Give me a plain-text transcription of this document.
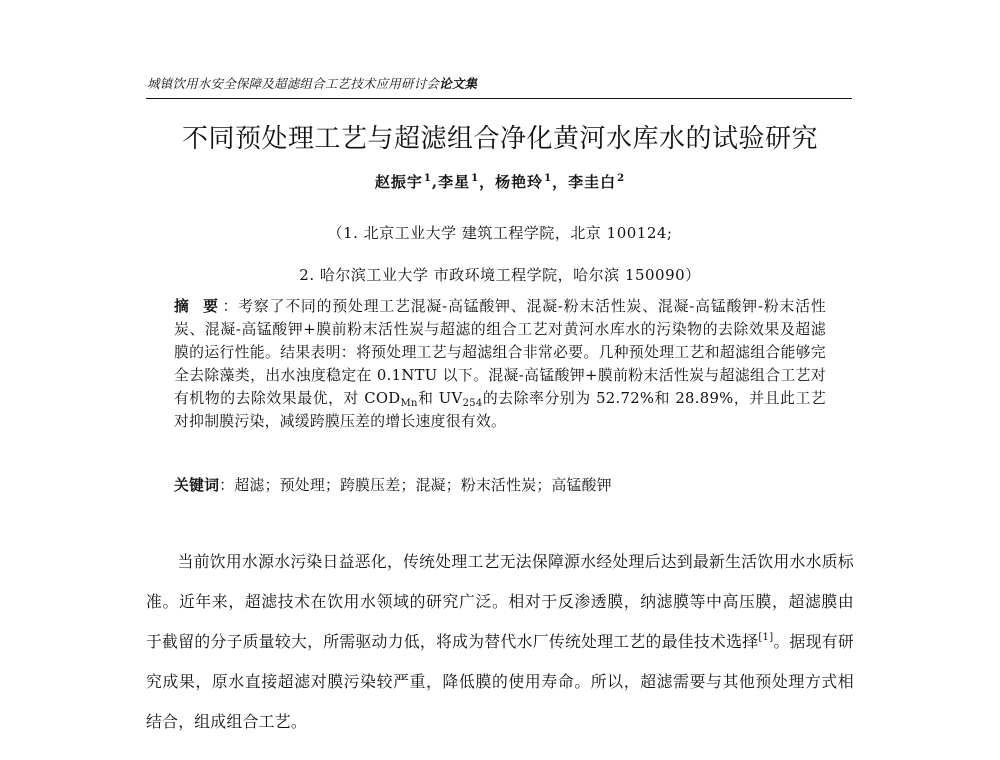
城镇饮用水安全保障及超滤组合工艺技术应用研讨会论文集
不同预处理工艺与超滤组合净化黄河水库水的试验研究
赵振宇$^1$,李星$^1$，杨艳玲$^1$，李圭白$^2$
（1. 北京工业大学 建筑工程学院，北京 100124;
2. 哈尔滨工业大学 市政环境工程学院，哈尔滨 150090）
摘 要：考察了不同的预处理工艺混凝-高锰酸钾、混凝-粉末活性炭、混凝-高锰酸钾-粉末活性炭、混凝-高锰酸钾+膜前粉末活性炭与超滤的组合工艺对黄河水库水的污染物的去除效果及超滤膜的运行性能。结果表明：将预处理工艺与超滤组合非常必要。几种预处理工艺和超滤组合能够完全去除藻类，出水浊度稳定在 0.1NTU 以下。混凝-高锰酸钾+膜前粉末活性炭与超滤组合工艺对有机物的去除效果最优，对 $COD_{Mn}$和 $UV_{254}$的去除率分别为 52.72%和 28.89%，并且此工艺对抑制膜污染，减缓跨膜压差的增长速度很有效。
关键词：超滤；预处理；跨膜压差；混凝；粉末活性炭；高锰酸钾

当前饮用水源水污染日益恶化，传统处理工艺无法保障源水经处理后达到最新生活饮用水水质标准。近年来，超滤技术在饮用水领域的研究广泛。相对于反渗透膜，纳滤膜等中高压膜，超滤膜由于截留的分子质量较大，所需驱动力低，将成为替代水厂传统处理工艺的最佳技术选择[1]。据现有研究成果，原水直接超滤对膜污染较严重，降低膜的使用寿命。所以，超滤需要与其他预处理方式相结合，组成组合工艺。
